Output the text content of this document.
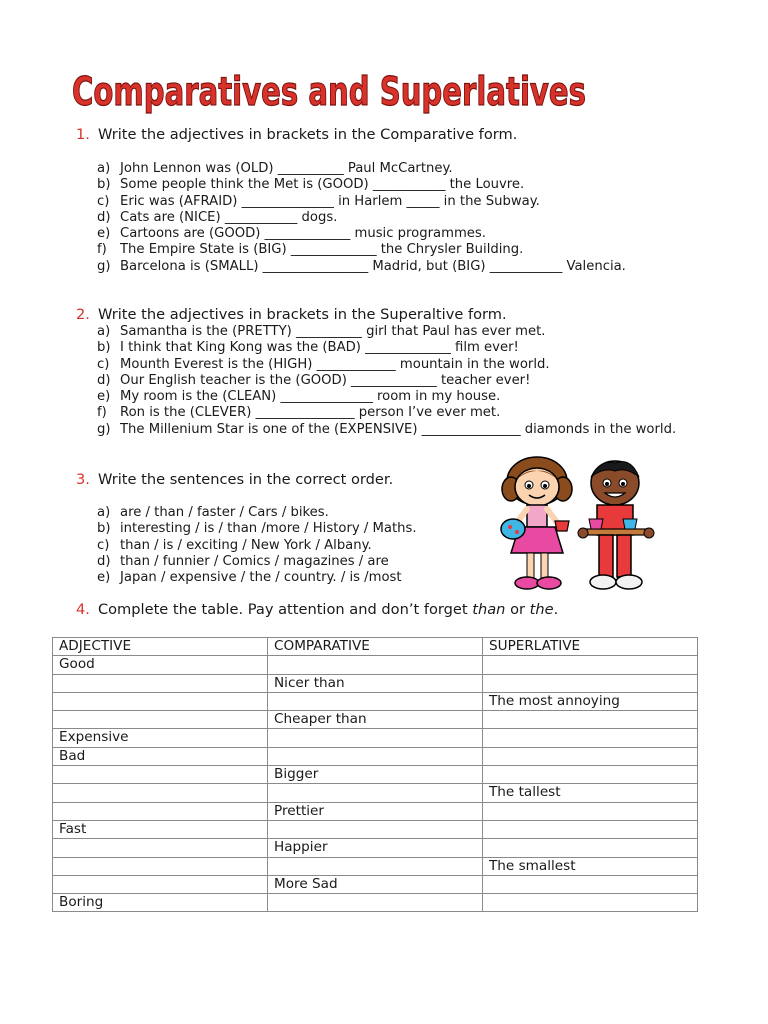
Comparatives and Superlatives
1. Write the adjectives in brackets in the Comparative form.
a) John Lennon was (OLD) __________ Paul McCartney.
b) Some people think the Met is (GOOD) ___________ the Louvre.
c) Eric was (AFRAID) ______________ in Harlem _____ in the Subway.
d) Cats are (NICE) ___________ dogs.
e) Cartoons are (GOOD) _____________ music programmes.
f)	The Empire State is (BIG) _____________ the Chrysler Building.
g) Barcelona is (SMALL) ________________ Madrid, but (BIG) ___________ Valencia.
2. Write the adjectives in brackets in the Superaltive form.
a) Samantha is the (PRETTY) __________ girl that Paul has ever met.
b) I think that King Kong was the (BAD) _____________ film ever!
c) Mounth Everest is the (HIGH) ____________ mountain in the world.
d) Our English teacher is the (GOOD) _____________ teacher ever!
e) My room is the (CLEAN) ______________ room in my house.
f)	Ron is the (CLEVER) _______________ person I’ve ever met.
g) The Millenium Star is one of the (EXPENSIVE) _______________ diamonds in the world.
3. Write the sentences in the correct order.
a) are / than / faster / Cars / bikes.
b) interesting / is / than /more / History / Maths.
c) than / is / exciting / New York / Albany.
d) than / funnier / Comics / magazines / are
e) Japan / expensive / the / country. / is /most
4. Complete the table. Pay attention and don’t forget than or the.
ADJECTIVE	COMPARATIVE	SUPERLATIVE
Good		
	Nicer than	
		The most annoying
	Cheaper than	
Expensive		
Bad		
	Bigger	
		The tallest
	Prettier	
Fast		
	Happier	
		The smallest
	More Sad	
Boring		
